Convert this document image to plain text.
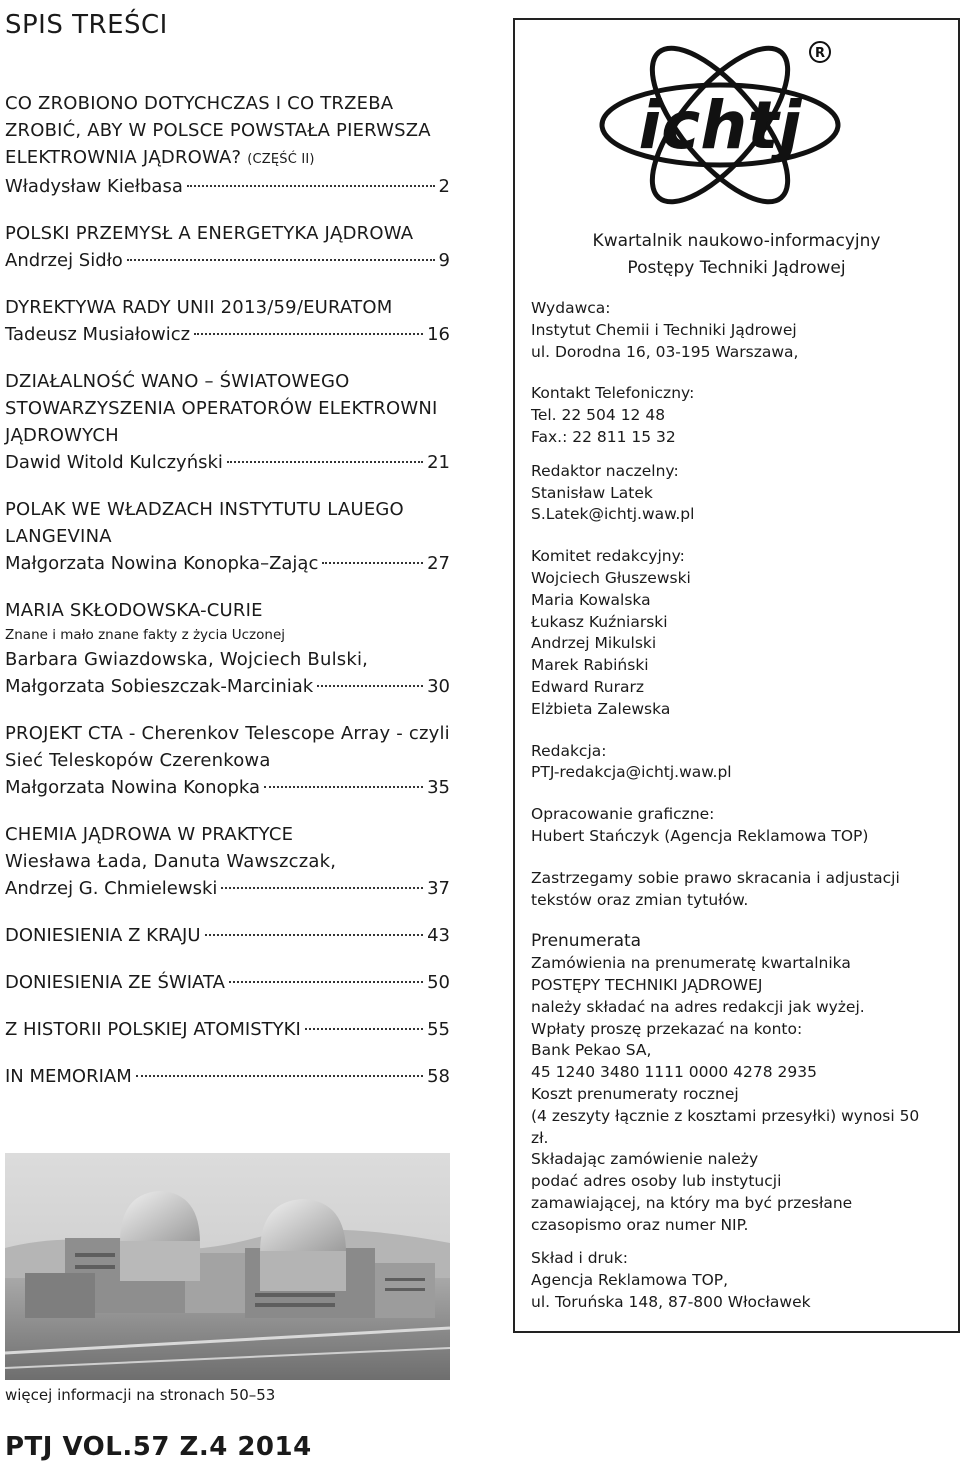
SPIS TREŚCI
CO ZROBIONO DOTYCHCZAS I CO TRZEBA ZROBIĆ, ABY W POLSCE POWSTAŁA PIERWSZA ELEKTROWNIA JĄDROWA? (CZĘŚĆ II)
Władysław Kiełbasa	2
POLSKI PRZEMYSŁ A ENERGETYKA JĄDROWA
Andrzej Sidło	9
DYREKTYWA RADY UNII 2013/59/EURATOM
Tadeusz Musiałowicz	16
DZIAŁALNOŚĆ WANO – ŚWIATOWEGO STOWARZYSZENIA OPERATORÓW ELEKTROWNI JĄDROWYCH
Dawid Witold Kulczyński	21
POLAK WE WŁADZACH INSTYTUTU LAUEGO LANGEVINA
Małgorzata Nowina Konopka–Zając	27
MARIA SKŁODOWSKA-CURIE
Znane i mało znane fakty z życia Uczonej
Barbara Gwiazdowska, Wojciech Bulski,
Małgorzata Sobieszczak-Marciniak	30
PROJEKT CTA - Cherenkov Telescope Array - czyli Sieć Teleskopów Czerenkowa
Małgorzata Nowina Konopka	35
CHEMIA JĄDROWA W PRAKTYCE
Wiesława Łada, Danuta Wawszczak,
Andrzej G. Chmielewski	37
DONIESIENIA Z KRAJU	43
DONIESIENIA ZE ŚWIATA	50
Z HISTORII POLSKIEJ ATOMISTYKI	55
IN MEMORIAM	58
więcej informacji na stronach 50–53
PTJ VOL.57 Z.4 2014
R
ichtj
Kwartalnik naukowo-informacyjny
Postępy Techniki Jądrowej
Wydawca:
Instytut Chemii i Techniki Jądrowej
ul. Dorodna 16, 03-195 Warszawa,
Kontakt Telefoniczny:
Tel. 22 504 12 48
Fax.: 22 811 15 32
Redaktor naczelny:
Stanisław Latek
S.Latek@ichtj.waw.pl
Komitet redakcyjny:
Wojciech Głuszewski
Maria Kowalska
Łukasz Kuźniarski
Andrzej Mikulski
Marek Rabiński
Edward Rurarz
Elżbieta Zalewska
Redakcja:
PTJ-redakcja@ichtj.waw.pl
Opracowanie graficzne:
Hubert Stańczyk (Agencja Reklamowa TOP)
Zastrzegamy sobie prawo skracania i adjustacji
tekstów oraz zmian tytułów.
Prenumerata
Zamówienia na prenumeratę kwartalnika
POSTĘPY TECHNIKI JĄDROWEJ
należy składać na adres redakcji jak wyżej.
Wpłaty proszę przekazać na konto:
Bank Pekao SA,
45 1240 3480 1111 0000 4278 2935
Koszt prenumeraty rocznej
(4 zeszyty łącznie z kosztami przesyłki) wynosi 50 zł.
Składając zamówienie należy
podać adres osoby lub instytucji
zamawiającej, na który ma być przesłane
czasopismo oraz numer NIP.
Skład i druk:
Agencja Reklamowa TOP,
ul. Toruńska 148, 87-800 Włocławek
